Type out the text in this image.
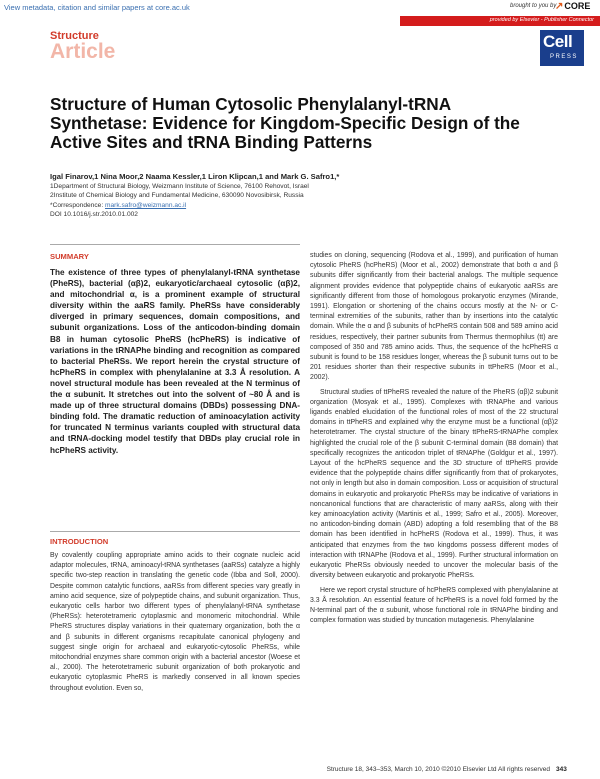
View metadata, citation and similar papers at core.ac.uk	brought to you by
↗CORE
provided by Elsevier - Publisher Connector
Structure
Article	Cell
PRESS
Structure of Human Cytosolic Phenylalanyl-tRNA Synthetase: Evidence for Kingdom-Specific Design of the Active Sites and tRNA Binding Patterns
Igal Finarov,1 Nina Moor,2 Naama Kessler,1 Liron Klipcan,1 and Mark G. Safro1,*
1Department of Structural Biology, Weizmann Institute of Science, 76100 Rehovot, Israel
2Institute of Chemical Biology and Fundamental Medicine, 630090 Novosibirsk, Russia
*Correspondence: mark.safro@weizmann.ac.il
DOI 10.1016/j.str.2010.01.002
SUMMARY
The existence of three types of phenylalanyl-tRNA synthetase (PheRS), bacterial (αβ)2, eukaryotic/archaeal cytosolic (αβ)2, and mitochondrial α, is a prominent example of structural diversity within the aaRS family. PheRSs have considerably diverged in primary sequences, domain compositions, and subunit organizations. Loss of the anticodon-binding domain B8 in human cytosolic PheRS (hcPheRS) is indicative of variations in the tRNAPhe binding and recognition as compared to bacterial PheRSs. We report herein the crystal structure of hcPheRS in complex with phenylalanine at 3.3 Å resolution. A novel structural module has been revealed at the N terminus of the α subunit. It stretches out into the solvent of ~80 Å and is made up of three structural domains (DBDs) possessing DNA-binding fold. The dramatic reduction of aminoacylation activity for truncated N terminus variants coupled with structural data and tRNA-docking model testify that DBDs play crucial role in hcPheRS activity.
INTRODUCTION
By covalently coupling appropriate amino acids to their cognate nucleic acid adaptor molecules, tRNA, aminoacyl-tRNA synthetases (aaRSs) catalyze a highly specific two-step reaction in translating the genetic code (Ibba and Soll, 2000). Despite common catalytic functions, aaRSs from different species vary greatly in amino acid sequence, size of polypeptide chains, and subunit organization. Thus, eukaryotic cells harbor two different types of phenylalanyl-tRNA synthetase (PheRSs): heterotetrameric cytoplasmic and monomeric mitochondrial. While PheRS structures display variations in their quaternary organization, both the α and β subunits in different organisms recapitulate canonical phylogeny and suggest single origin for archaeal and eukaryotic-cytosolic PheRSs, while mitochondrial enzymes share common origin with a bacterial ancestor (Woese et al., 2000). The heterotetrameric subunit organization of both prokaryotic and eukaryotic cytoplasmic PheRS is markedly conserved in all known species throughout evolution. Even so,

studies on cloning, sequencing (Rodova et al., 1999), and purification of human cytosolic PheRS (hcPheRS) (Moor et al., 2002) demonstrate that both α and β subunits differ significantly from their bacterial analogs. The multiple sequence alignment provides evidence that polypeptide chains of eukaryotic aaRSs are significantly different from those of homologous prokaryotic enzymes (Mirande, 1991). Elongation or shortening of the chains occurs mostly at the N- or C-terminal extremities of the subunits, rather than by insertions into the catalytic domain. While the α and β subunits of hcPheRS contain 508 and 589 amino acid residues, respectively, their partner subunits from Thermus thermophilus (tt) are composed of 350 and 785 amino acids. Thus, the sequence of the hcPheRS α subunit is found to be 158 residues longer, whereas the β subunit turns out to be 201 residues shorter than their respective subunits in ttPheRS (Moor et al., 2002).

Structural studies of ttPheRS revealed the nature of the PheRS (αβ)2 subunit organization (Mosyak et al., 1995). Complexes with tRNAPhe and various ligands enabled elucidation of the functional roles of most of the 22 structural domains in ttPheRS and explained why the enzyme must be a functional (αβ)2 heterotetramer. The crystal structure of the binary ttPheRS-tRNAPhe complex highlighted the crucial role of the β subunit C-terminal domain (B8 domain) that specifically recognizes the anticodon triplet of tRNAPhe (Goldgur et al., 1997). Layout of the hcPheRS sequence and the 3D structure of ttPheRS provide evidence that the polypeptide chains differ significantly from that of prokaryotes, not only in length but also in domain composition. Loss or acquisition of structural domains in eukaryotic and prokaryotic PheRSs may be indicative of variations in noncanonical functions that are characteristic of many aaRSs, along with their key aminoacylation activity (Martinis et al., 1999; Safro et al., 2005). Moreover, no anticodon-binding domain (ABD) adopting a fold resembling that of the B8 domain has been identified in hcPheRS (Rodova et al., 1999). Thus, it was anticipated that enzymes from the two kingdoms possess different modes of interaction with tRNAPhe (Rodova et al., 1999). Further structural information on eukaryotic PheRSs obviously needed to uncover the molecular basis of the diversity between eukaryotic and prokaryotic PheRSs.

Here we report crystal structure of hcPheRS complexed with phenylalanine at 3.3 Å resolution. An essential feature of hcPheRS is a novel fold formed by the N-terminal part of the α subunit, whose functional role in tRNAPhe binding and complex formation was studied by truncation mutagenesis. Phenylalanine

Structure 18, 343–353, March 10, 2010 ©2010 Elsevier Ltd All rights reserved 343
